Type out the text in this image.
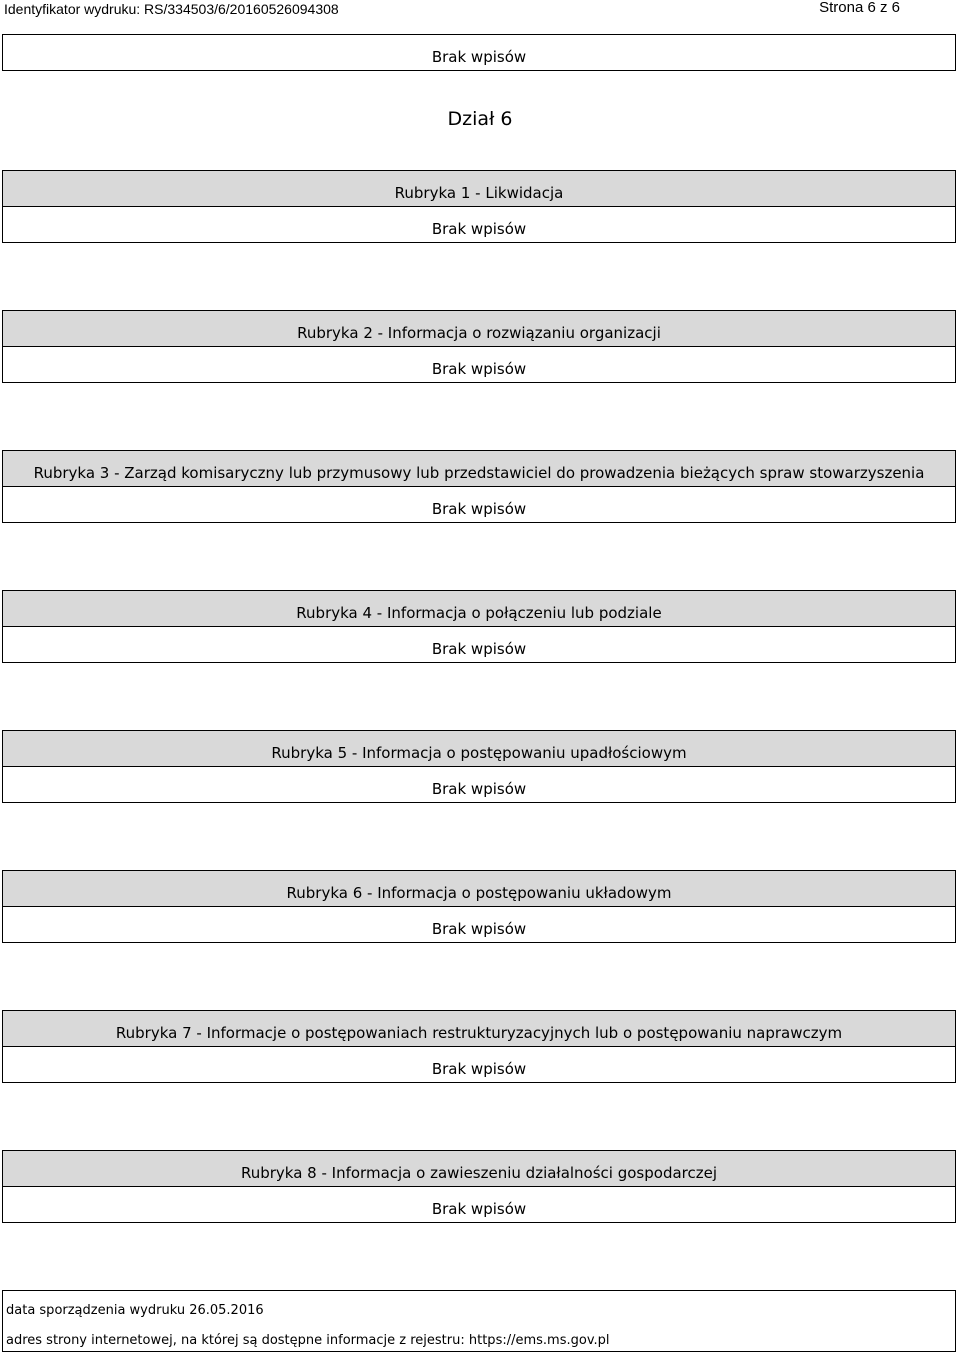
Identyfikator wydruku: RS/334503/6/20160526094308	Strona 6 z 6
Brak wpisów
Dział 6
Rubryka 1 - Likwidacja
Brak wpisów
Rubryka 2 - Informacja o rozwiązaniu organizacji
Brak wpisów
Rubryka 3 - Zarząd komisaryczny lub przymusowy lub przedstawiciel do prowadzenia bieżących spraw stowarzyszenia
Brak wpisów
Rubryka 4 - Informacja o połączeniu lub podziale
Brak wpisów
Rubryka 5 - Informacja o postępowaniu upadłościowym
Brak wpisów
Rubryka 6 - Informacja o postępowaniu układowym
Brak wpisów
Rubryka 7 - Informacje o postępowaniach restrukturyzacyjnych lub o postępowaniu naprawczym
Brak wpisów
Rubryka 8 - Informacja o zawieszeniu działalności gospodarczej
Brak wpisów
data sporządzenia wydruku 26.05.2016
adres strony internetowej, na której są dostępne informacje z rejestru: https://ems.ms.gov.pl
